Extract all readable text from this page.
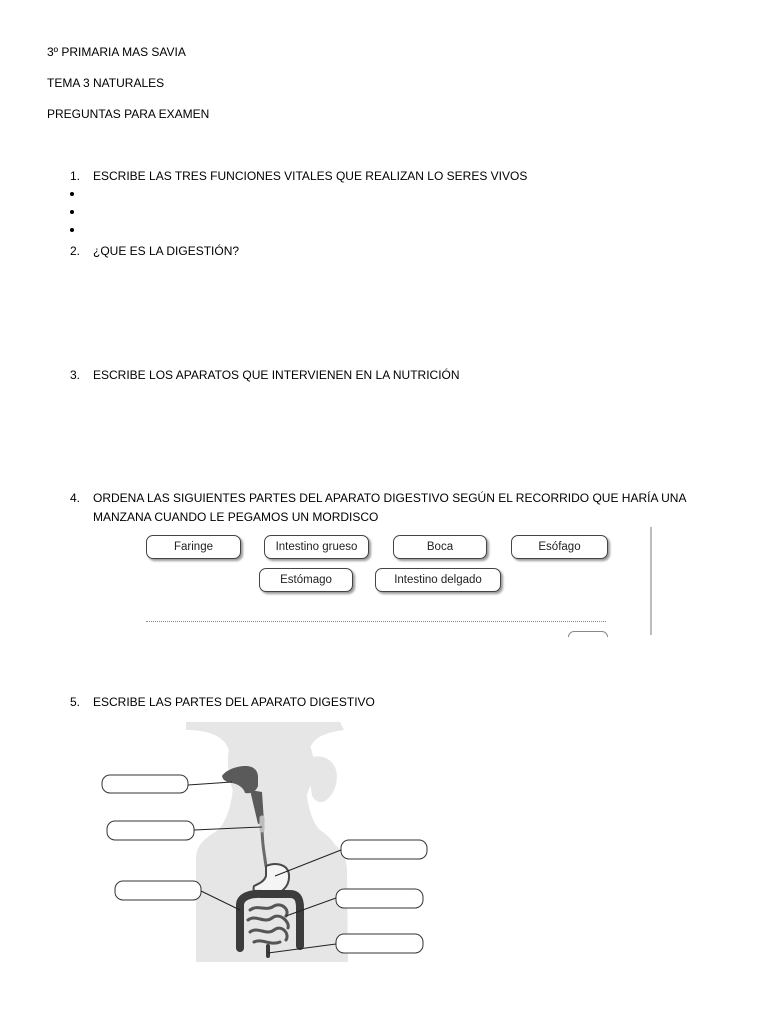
3º PRIMARIA MAS SAVIA
TEMA 3 NATURALES
PREGUNTAS PARA EXAMEN
1. ESCRIBE LAS TRES FUNCIONES VITALES QUE REALIZAN LO SERES VIVOS
2. ¿QUE ES LA DIGESTIÓN?
3. ESCRIBE LOS APARATOS QUE INTERVIENEN EN LA NUTRICIÓN
4. ORDENA LAS SIGUIENTES PARTES DEL APARATO DIGESTIVO SEGÚN EL RECORRIDO QUE HARÍA UNA
MANZANA CUANDO LE PEGAMOS UN MORDISCO
Faringe	Intestino grueso	Boca	Esófago
Estómago	Intestino delgado
5. ESCRIBE LAS PARTES DEL APARATO DIGESTIVO
